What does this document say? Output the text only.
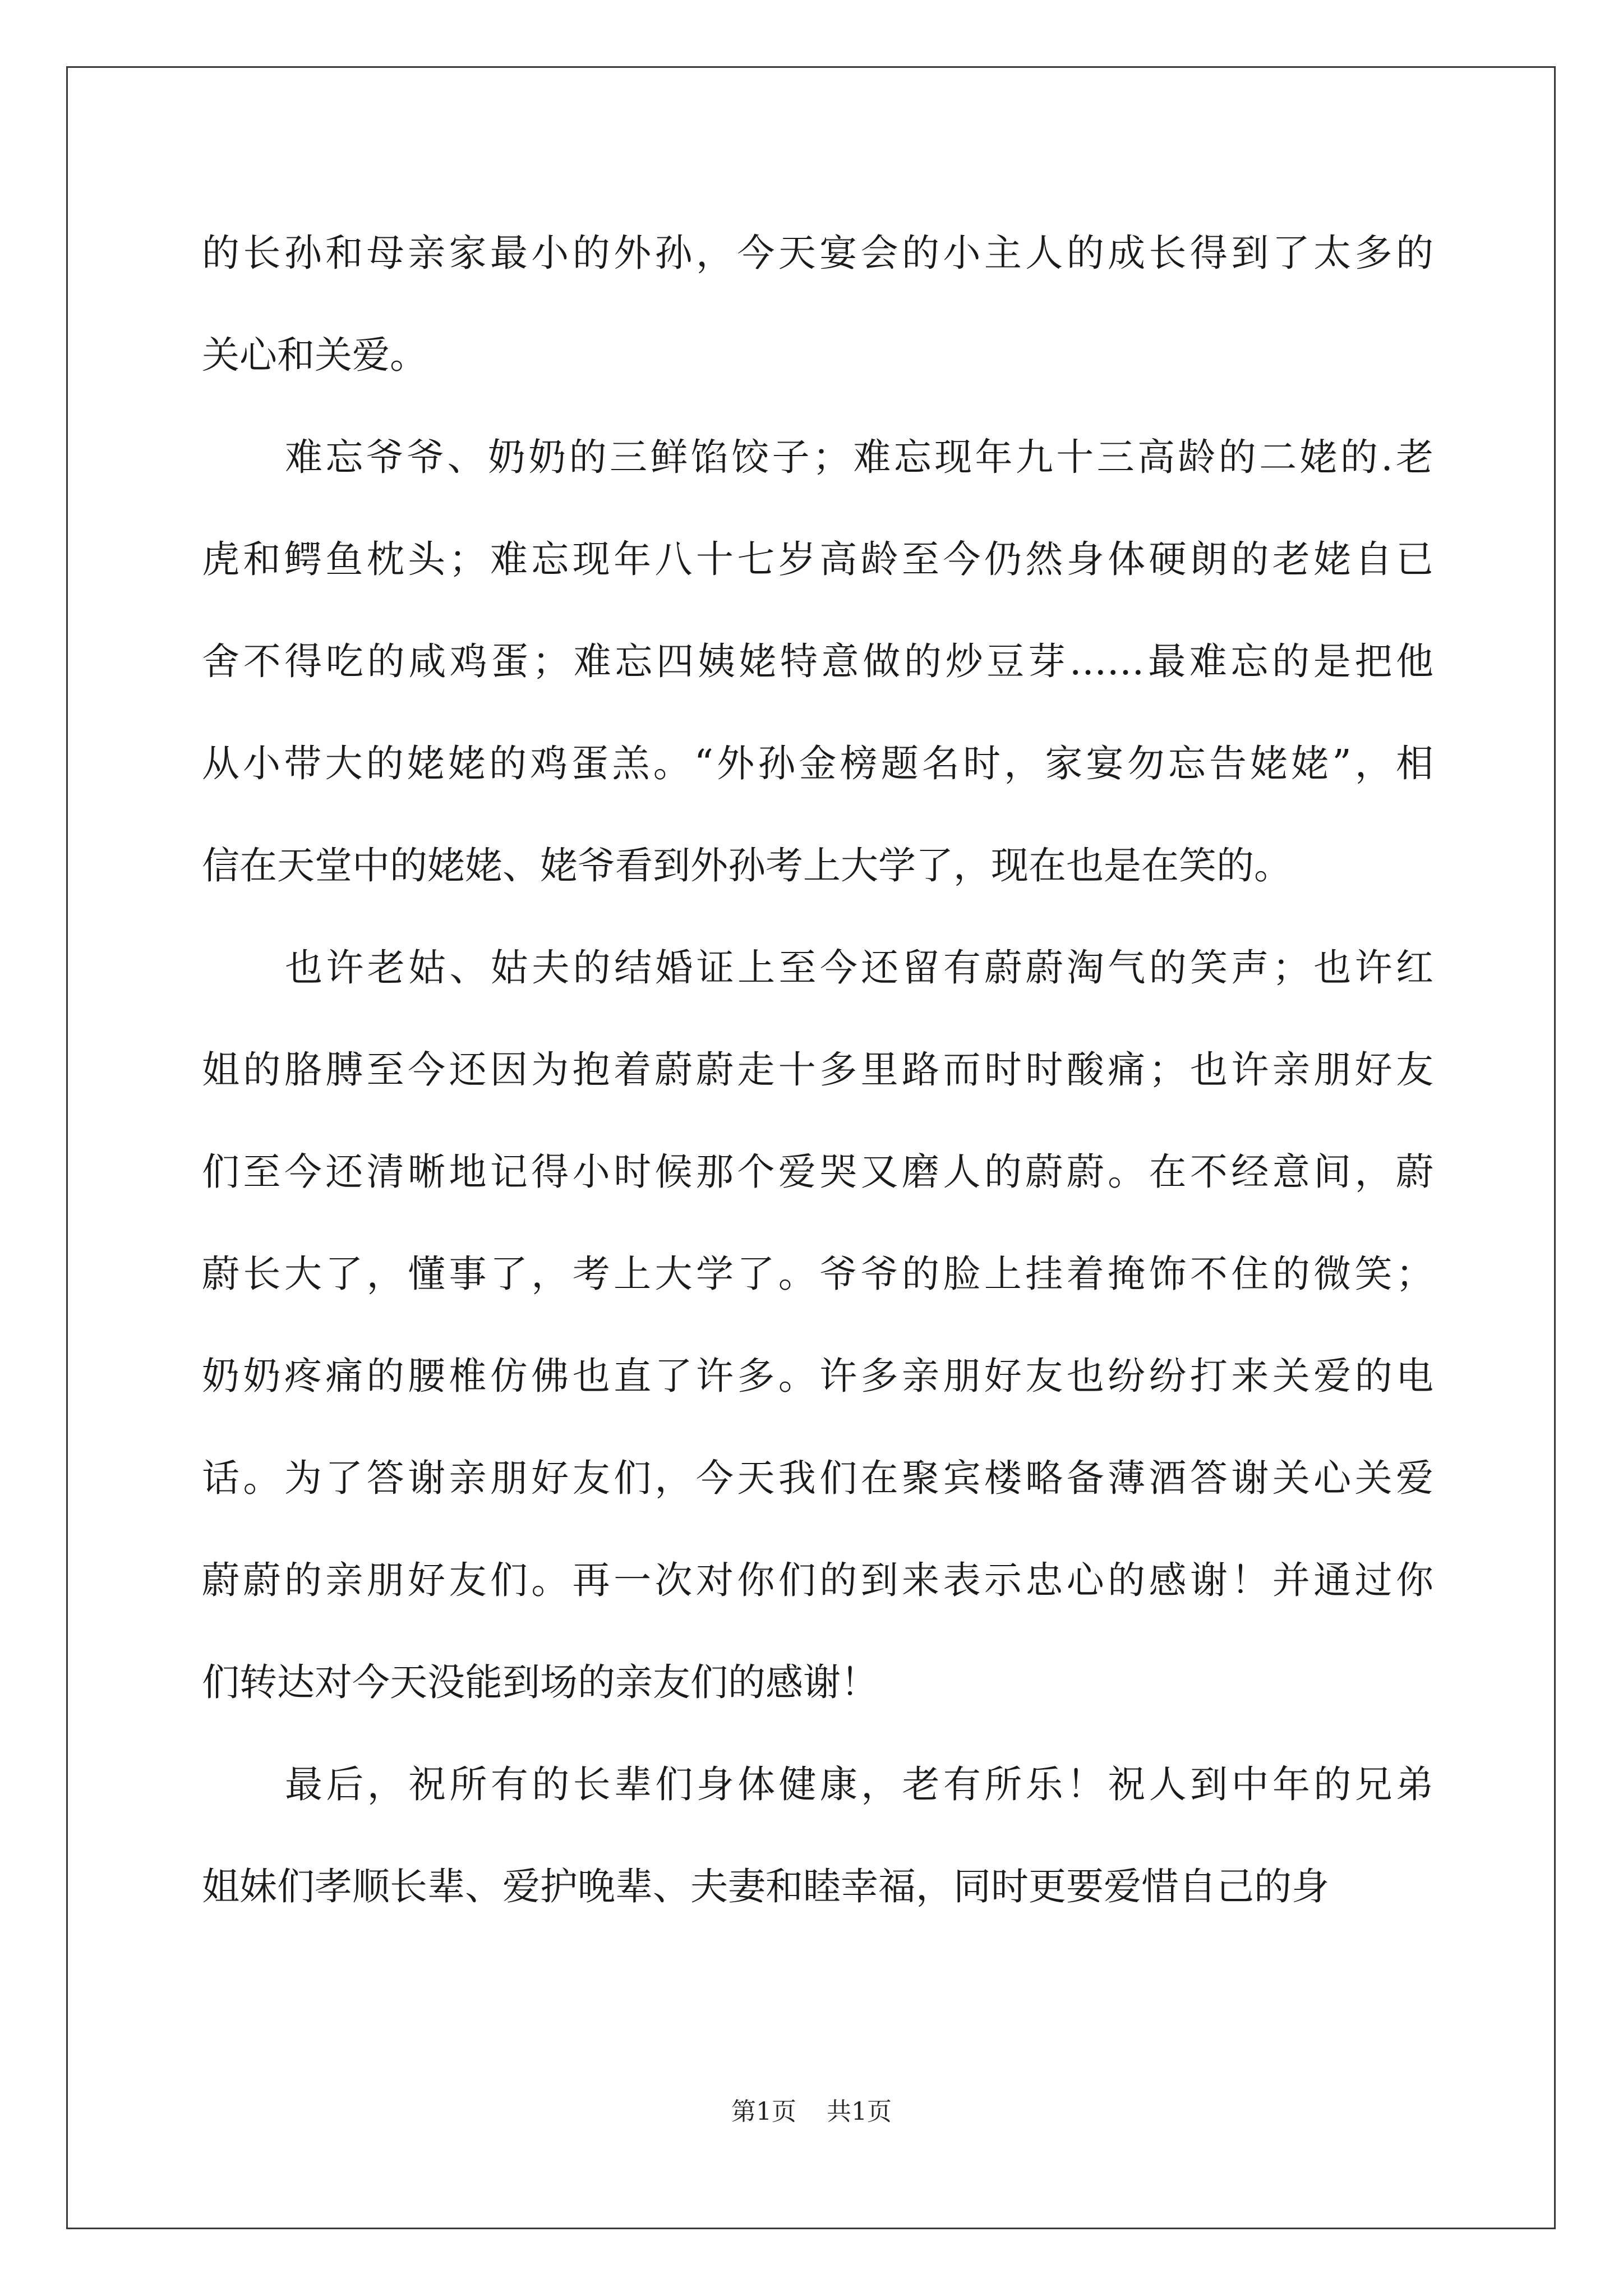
的长孙和母亲家最小的外孙，今天宴会的小主人的成长得到了太多的
关心和关爱。
难忘爷爷、奶奶的三鲜馅饺子；难忘现年九十三高龄的二姥的.老
虎和鳄鱼枕头；难忘现年八十七岁高龄至今仍然身体硬朗的老姥自已
舍不得吃的咸鸡蛋；难忘四姨姥特意做的炒豆芽……最难忘的是把他
从小带大的姥姥的鸡蛋羔。“外孙金榜题名时，家宴勿忘告姥姥”，相
信在天堂中的姥姥、姥爷看到外孙考上大学了，现在也是在笑的。
也许老姑、姑夫的结婚证上至今还留有蔚蔚淘气的笑声；也许红
姐的胳膊至今还因为抱着蔚蔚走十多里路而时时酸痛；也许亲朋好友
们至今还清晰地记得小时候那个爱哭又磨人的蔚蔚。在不经意间，蔚
蔚长大了，懂事了，考上大学了。爷爷的脸上挂着掩饰不住的微笑；
奶奶疼痛的腰椎仿佛也直了许多。许多亲朋好友也纷纷打来关爱的电
话。为了答谢亲朋好友们，今天我们在聚宾楼略备薄酒答谢关心关爱
蔚蔚的亲朋好友们。再一次对你们的到来表示忠心的感谢！并通过你
们转达对今天没能到场的亲友们的感谢！
最后，祝所有的长辈们身体健康，老有所乐！祝人到中年的兄弟
姐妹们孝顺长辈、爱护晚辈、夫妻和睦幸福，同时更要爱惜自己的身
第1页 共1页
